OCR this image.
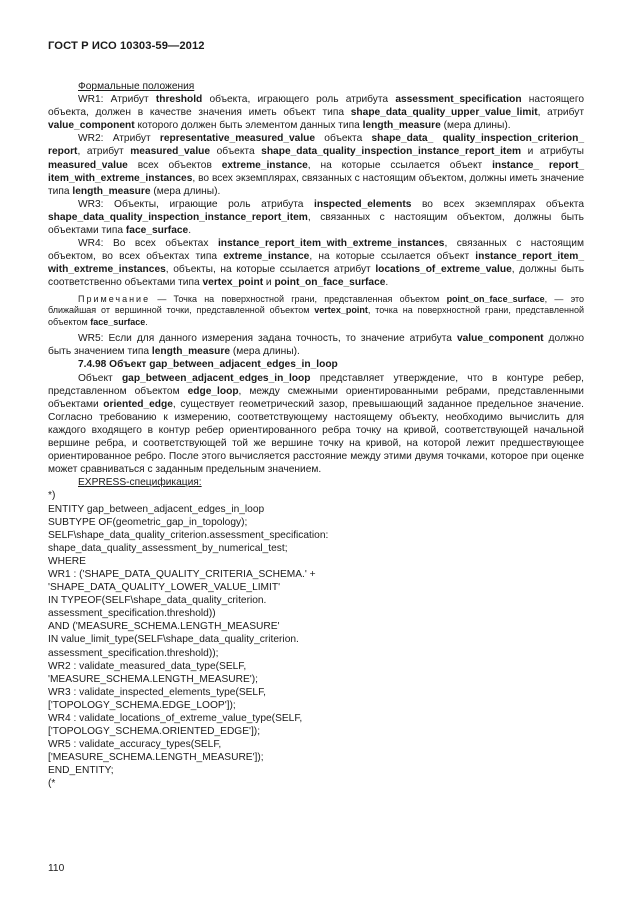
ГОСТ Р ИСО 10303-59—2012

Формальные положения

WR1: Атрибут threshold объекта, играющего роль атрибута assessment_specification настоящего объекта, должен в качестве значения иметь объект типа shape_data_quality_upper_value_limit, атрибут value_component которого должен быть элементом данных типа length_measure (мера длины).

WR2: Атрибут representative_measured_value объекта shape_data_ quality_inspection_criterion_ report, атрибут measured_value объекта shape_data_quality_inspection_instance_report_item и атрибуты measured_value всех объектов extreme_instance, на которые ссылается объект instance_ report_ item_with_extreme_instances, во всех экземплярах, связанных с настоящим объектом, должны иметь значение типа length_measure (мера длины).

WR3: Объекты, играющие роль атрибута inspected_elements во всех экземплярах объекта shape_data_quality_inspection_instance_report_item, связанных с настоящим объектом, должны быть объектами типа face_surface.

WR4: Во всех объектах instance_report_item_with_extreme_instances, связанных с настоящим объектом, во всех объектах типа extreme_instance, на которые ссылается объект instance_report_item_ with_extreme_instances, объекты, на которые ссылается атрибут locations_of_extreme_value, должны быть соответственно объектами типа vertex_point и point_on_face_surface.

Примечание — Точка на поверхностной грани, представленная объектом point_on_face_surface, — это ближайшая от вершинной точки, представленной объектом vertex_point, точка на поверхностной грани, представленной объектом face_surface.

WR5: Если для данного измерения задана точность, то значение атрибута value_component должно быть значением типа length_measure (мера длины).

7.4.98 Объект gap_between_adjacent_edges_in_loop

Объект gap_between_adjacent_edges_in_loop представляет утверждение, что в контуре ребер, представленном объектом edge_loop, между смежными ориентированными ребрами, представленными объектами oriented_edge, существует геометрический зазор, превышающий заданное предельное значение. Согласно требованию к измерению, соответствующему настоящему объекту, необходимо вычислить для каждого входящего в контур ребер ориентированного ребра точку на кривой, соответствующей начальной вершине ребра, и соответствующей той же вершине точку на кривой, на которой лежит предшествующее ориентированное ребро. После этого вычисляется расстояние между этими двумя точками, которое при оценке может сравниваться с заданным предельным значением.

EXPRESS-спецификация:

*)
ENTITY gap_between_adjacent_edges_in_loop
SUBTYPE OF(geometric_gap_in_topology);
SELF\shape_data_quality_criterion.assessment_specification:
shape_data_quality_assessment_by_numerical_test;
WHERE
WR1 : ('SHAPE_DATA_QUALITY_CRITERIA_SCHEMA.' +
'SHAPE_DATA_QUALITY_LOWER_VALUE_LIMIT'
IN TYPEOF(SELF\shape_data_quality_criterion.
assessment_specification.threshold))
AND ('MEASURE_SCHEMA.LENGTH_MEASURE'
IN value_limit_type(SELF\shape_data_quality_criterion.
assessment_specification.threshold));
WR2 : validate_measured_data_type(SELF,
'MEASURE_SCHEMA.LENGTH_MEASURE');
WR3 : validate_inspected_elements_type(SELF,
['TOPOLOGY_SCHEMA.EDGE_LOOP']);
WR4 : validate_locations_of_extreme_value_type(SELF,
['TOPOLOGY_SCHEMA.ORIENTED_EDGE']);
WR5 : validate_accuracy_types(SELF,
['MEASURE_SCHEMA.LENGTH_MEASURE']);
END_ENTITY;
(*
110
